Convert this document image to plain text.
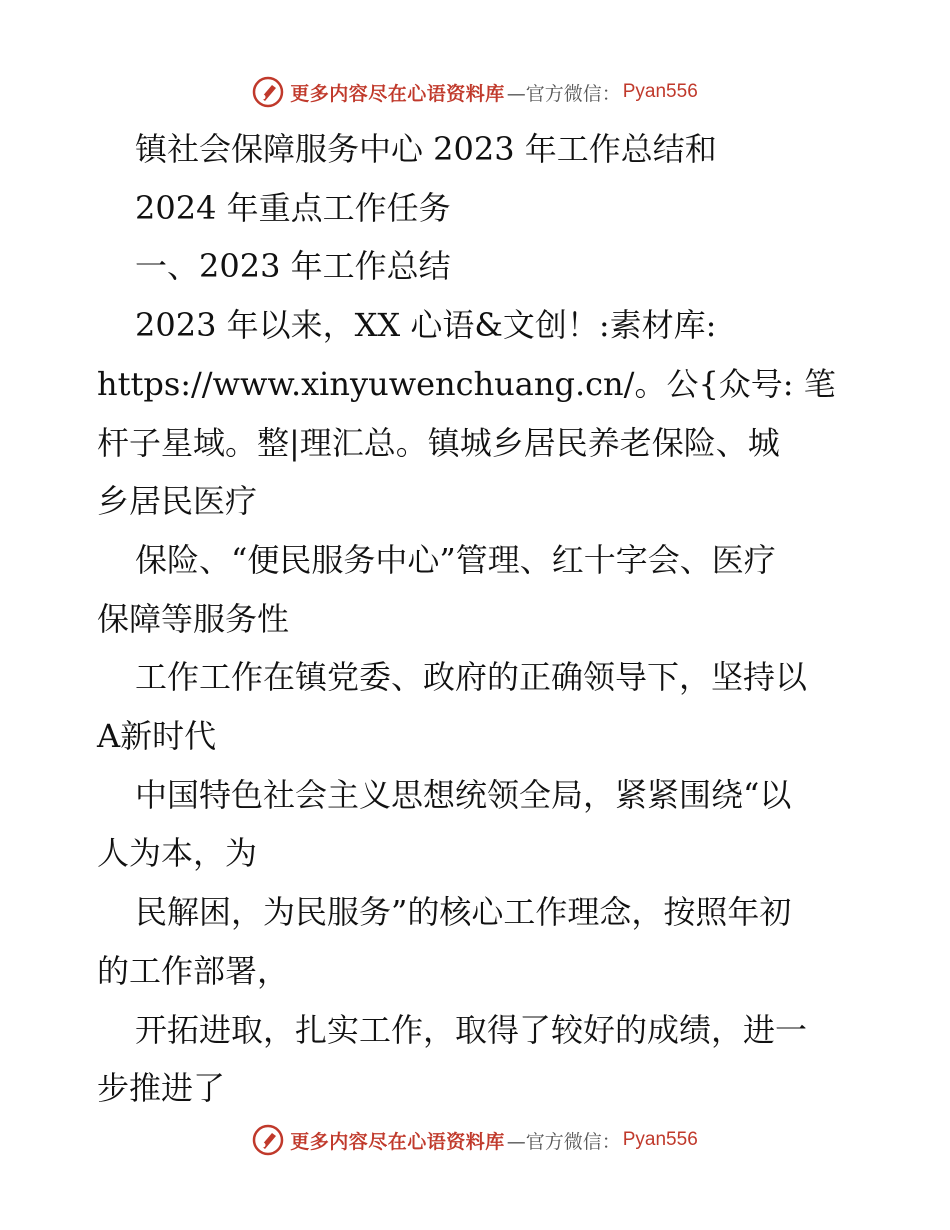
更多内容尽在心语资料库 —官方微信： Pyan556

镇社会保障服务中心 2023 年工作总结和

2024 年重点工作任务

一、2023 年工作总结

2023 年以来，XX 心语&文创！:素材库:

https://www.xinyuwenchuang.cn/。公{众号: 笔

杆子星域。整|理汇总。镇城乡居民养老保险、城

乡居民医疗

保险、“便民服务中心”管理、红十字会、医疗

保障等服务性

工作工作在镇党委、政府的正确领导下，坚持以

A新时代

中国特色社会主义思想统领全局，紧紧围绕“以

人为本，为

民解困，为民服务”的核心工作理念，按照年初

的工作部署，

开拓进取，扎实工作，取得了较好的成绩，进一

步推进了

更多内容尽在心语资料库 —官方微信： Pyan556
